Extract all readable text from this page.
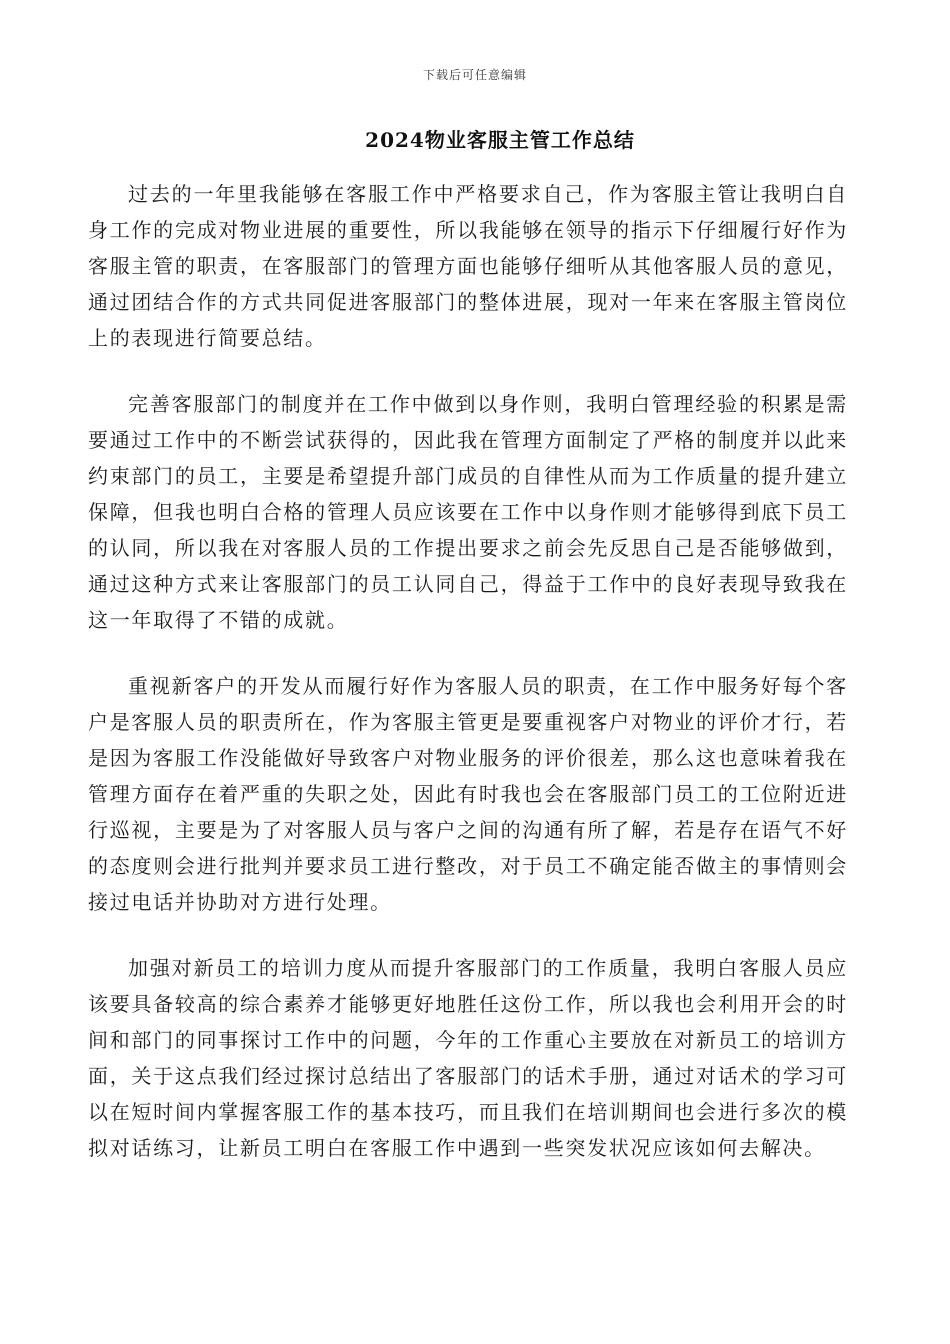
下载后可任意编辑
2024物业客服主管工作总结

过去的一年里我能够在客服工作中严格要求自己，作为客服主管让我明白自身工作的完成对物业进展的重要性，所以我能够在领导的指示下仔细履行好作为客服主管的职责，在客服部门的管理方面也能够仔细听从其他客服人员的意见，通过团结合作的方式共同促进客服部门的整体进展，现对一年来在客服主管岗位上的表现进行简要总结。

完善客服部门的制度并在工作中做到以身作则，我明白管理经验的积累是需要通过工作中的不断尝试获得的，因此我在管理方面制定了严格的制度并以此来约束部门的员工，主要是希望提升部门成员的自律性从而为工作质量的提升建立保障，但我也明白合格的管理人员应该要在工作中以身作则才能够得到底下员工的认同，所以我在对客服人员的工作提出要求之前会先反思自己是否能够做到，通过这种方式来让客服部门的员工认同自己，得益于工作中的良好表现导致我在这一年取得了不错的成就。

重视新客户的开发从而履行好作为客服人员的职责，在工作中服务好每个客户是客服人员的职责所在，作为客服主管更是要重视客户对物业的评价才行，若是因为客服工作没能做好导致客户对物业服务的评价很差，那么这也意味着我在管理方面存在着严重的失职之处，因此有时我也会在客服部门员工的工位附近进行巡视，主要是为了对客服人员与客户之间的沟通有所了解，若是存在语气不好的态度则会进行批判并要求员工进行整改，对于员工不确定能否做主的事情则会接过电话并协助对方进行处理。

加强对新员工的培训力度从而提升客服部门的工作质量，我明白客服人员应该要具备较高的综合素养才能够更好地胜任这份工作，所以我也会利用开会的时间和部门的同事探讨工作中的问题，今年的工作重心主要放在对新员工的培训方面，关于这点我们经过探讨总结出了客服部门的话术手册，通过对话术的学习可以在短时间内掌握客服工作的基本技巧，而且我们在培训期间也会进行多次的模拟对话练习，让新员工明白在客服工作中遇到一些突发状况应该如何去解决。
